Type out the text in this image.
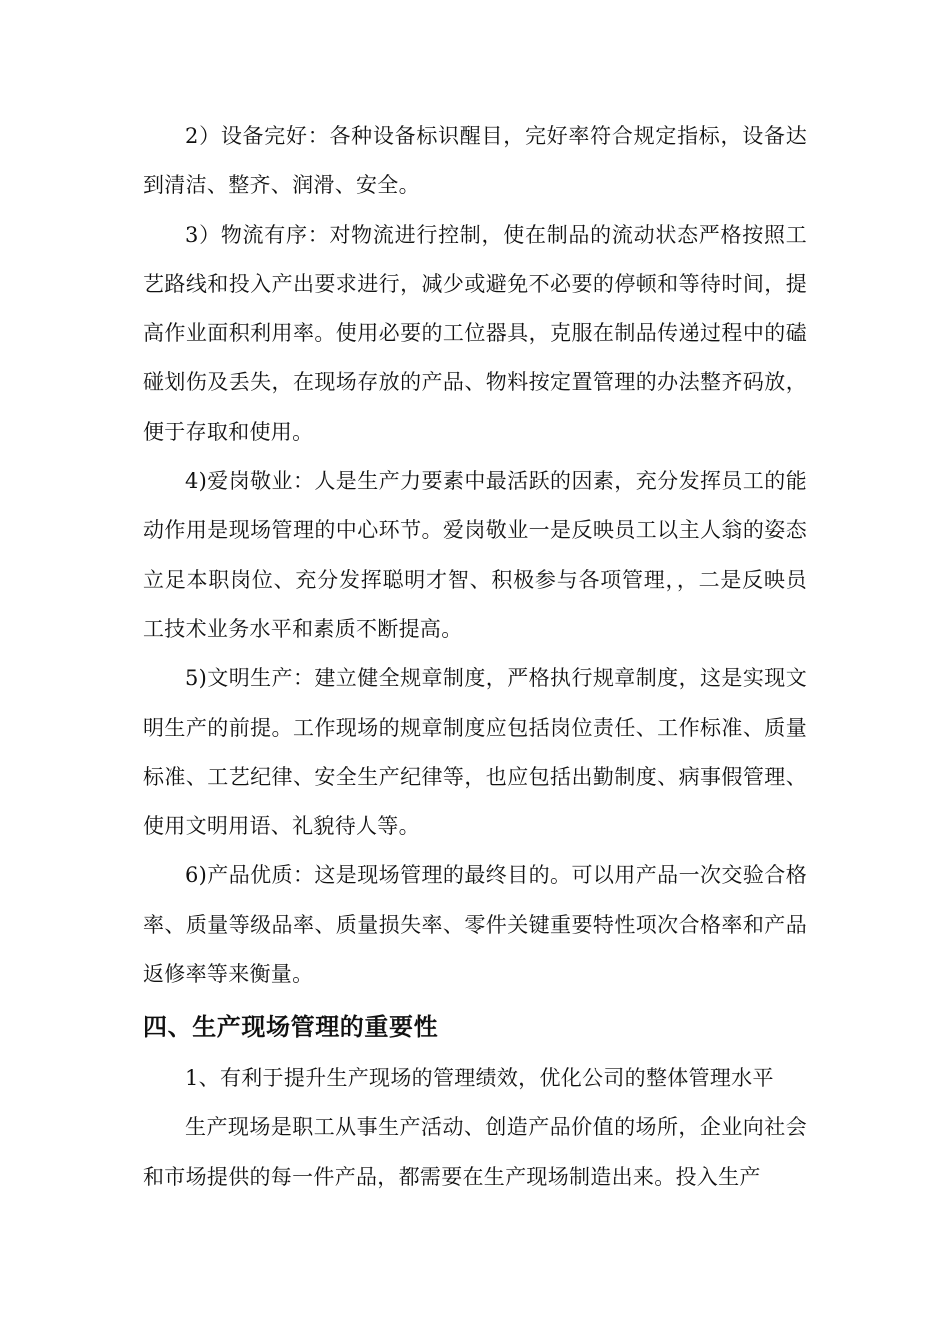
2）设备完好：各种设备标识醒目，完好率符合规定指标，设备达到清洁、整齐、润滑、安全。

3）物流有序：对物流进行控制，使在制品的流动状态严格按照工艺路线和投入产出要求进行，减少或避免不必要的停顿和等待时间，提高作业面积利用率。使用必要的工位器具，克服在制品传递过程中的磕碰划伤及丢失，在现场存放的产品、物料按定置管理的办法整齐码放，便于存取和使用。

4)爱岗敬业：人是生产力要素中最活跃的因素，充分发挥员工的能动作用是现场管理的中心环节。爱岗敬业一是反映员工以主人翁的姿态立足本职岗位、充分发挥聪明才智、积极参与各项管理，，二是反映员工技术业务水平和素质不断提高。

5)文明生产：建立健全规章制度，严格执行规章制度，这是实现文明生产的前提。工作现场的规章制度应包括岗位责任、工作标准、质量标准、工艺纪律、安全生产纪律等，也应包括出勤制度、病事假管理、使用文明用语、礼貌待人等。

6)产品优质：这是现场管理的最终目的。可以用产品一次交验合格率、质量等级品率、质量损失率、零件关键重要特性项次合格率和产品返修率等来衡量。

四、生产现场管理的重要性

1、有利于提升生产现场的管理绩效，优化公司的整体管理水平

生产现场是职工从事生产活动、创造产品价值的场所，企业向社会和市场提供的每一件产品，都需要在生产现场制造出来。投入生产
